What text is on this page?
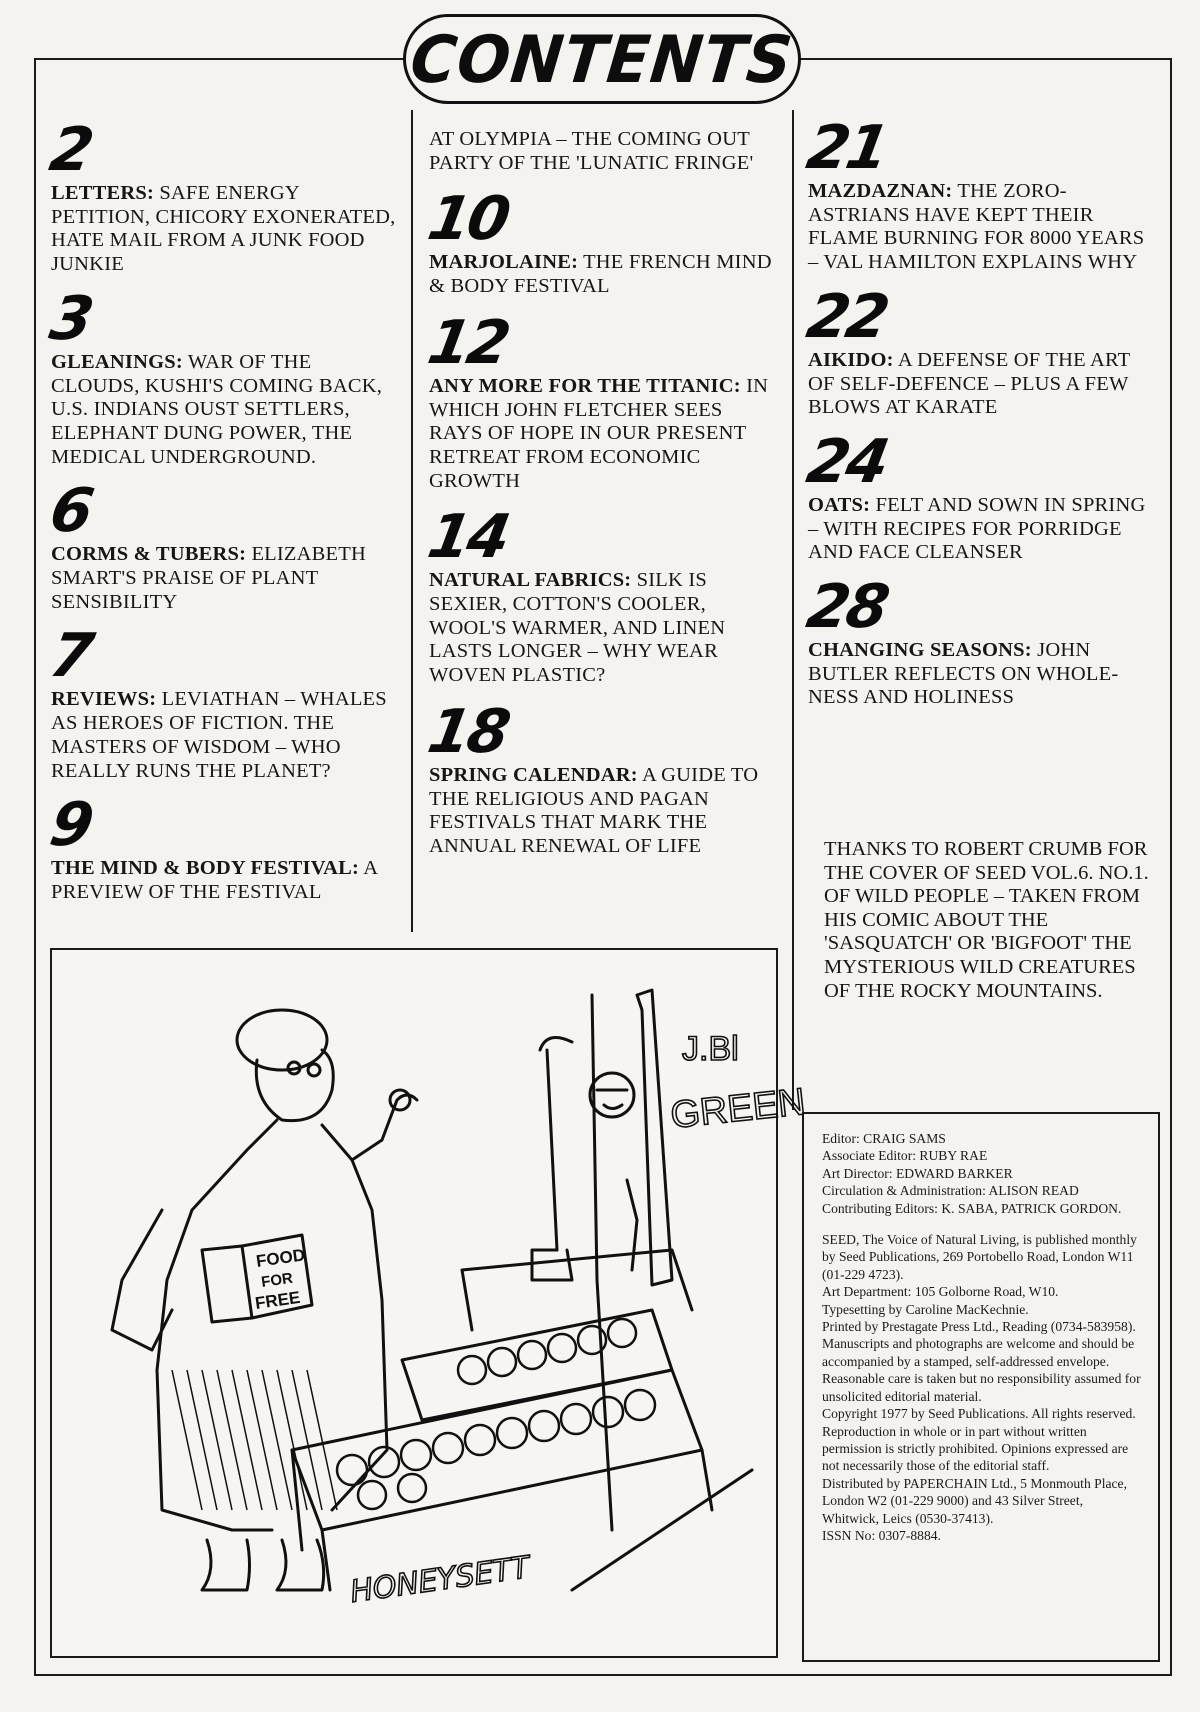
CONTENTS
2
LETTERS: SAFE ENERGY PETITION, CHICORY EXONERATED, HATE MAIL FROM A JUNK FOOD JUNKIE
3
GLEANINGS: WAR OF THE CLOUDS, KUSHI'S COMING BACK, U.S. INDIANS OUST SETTLERS, ELEPHANT DUNG POWER, THE MEDICAL UNDERGROUND.
6
CORMS & TUBERS: ELIZABETH SMART'S PRAISE OF PLANT SENSIBILITY
7
REVIEWS: LEVIATHAN – WHALES AS HEROES OF FICTION. THE MASTERS OF WISDOM – WHO REALLY RUNS THE PLANET?
9
THE MIND & BODY FESTIVAL: A PREVIEW OF THE FESTIVAL
AT OLYMPIA – THE COMING OUT PARTY OF THE 'LUNATIC FRINGE'
10
MARJOLAINE: THE FRENCH MIND & BODY FESTIVAL
12
ANY MORE FOR THE TITANIC: IN WHICH JOHN FLETCHER SEES RAYS OF HOPE IN OUR PRESENT RETREAT FROM ECONOMIC GROWTH
14
NATURAL FABRICS: SILK IS SEXIER, COTTON'S COOLER, WOOL'S WARMER, AND LINEN LASTS LONGER – WHY WEAR WOVEN PLASTIC?
18
SPRING CALENDAR: A GUIDE TO THE RELIGIOUS AND PAGAN FESTIVALS THAT MARK THE ANNUAL RENEWAL OF LIFE
21
MAZDAZNAN: THE ZORO-ASTRIANS HAVE KEPT THEIR FLAME BURNING FOR 8000 YEARS – VAL HAMILTON EXPLAINS WHY
22
AIKIDO: A DEFENSE OF THE ART OF SELF-DEFENCE – PLUS A FEW BLOWS AT KARATE
24
OATS: FELT AND SOWN IN SPRING – WITH RECIPES FOR PORRIDGE AND FACE CLEANSER
28
CHANGING SEASONS: JOHN BUTLER REFLECTS ON WHOLE-NESS AND HOLINESS
THANKS TO ROBERT CRUMB FOR THE COVER OF SEED VOL.6. NO.1. OF WILD PEOPLE – TAKEN FROM HIS COMIC ABOUT THE 'SASQUATCH' OR 'BIGFOOT' THE MYSTERIOUS WILD CREATURES OF THE ROCKY MOUNTAINS.
FOOD
FOR
FREE
J.Bl
GREEN
HONEYSETT

Editor: CRAIG SAMS

Associate Editor: RUBY RAE

Art Director: EDWARD BARKER

Circulation & Administration: ALISON READ

Contributing Editors: K. SABA, PATRICK GORDON.

SEED, The Voice of Natural Living, is published monthly by Seed Publications, 269 Portobello Road, London W11 (01-229 4723).

Art Department: 105 Golborne Road, W10.

Typesetting by Caroline MacKechnie.

Printed by Prestagate Press Ltd., Reading (0734-583958).

Manuscripts and photographs are welcome and should be accompanied by a stamped, self-addressed envelope. Reasonable care is taken but no responsibility assumed for unsolicited editorial material.

Copyright 1977 by Seed Publications. All rights reserved. Reproduction in whole or in part without written permission is strictly prohibited. Opinions expressed are not necessarily those of the editorial staff.

Distributed by PAPERCHAIN Ltd., 5 Monmouth Place, London W2 (01-229 9000) and 43 Silver Street, Whitwick, Leics (0530-37413).

ISSN No: 0307-8884.
